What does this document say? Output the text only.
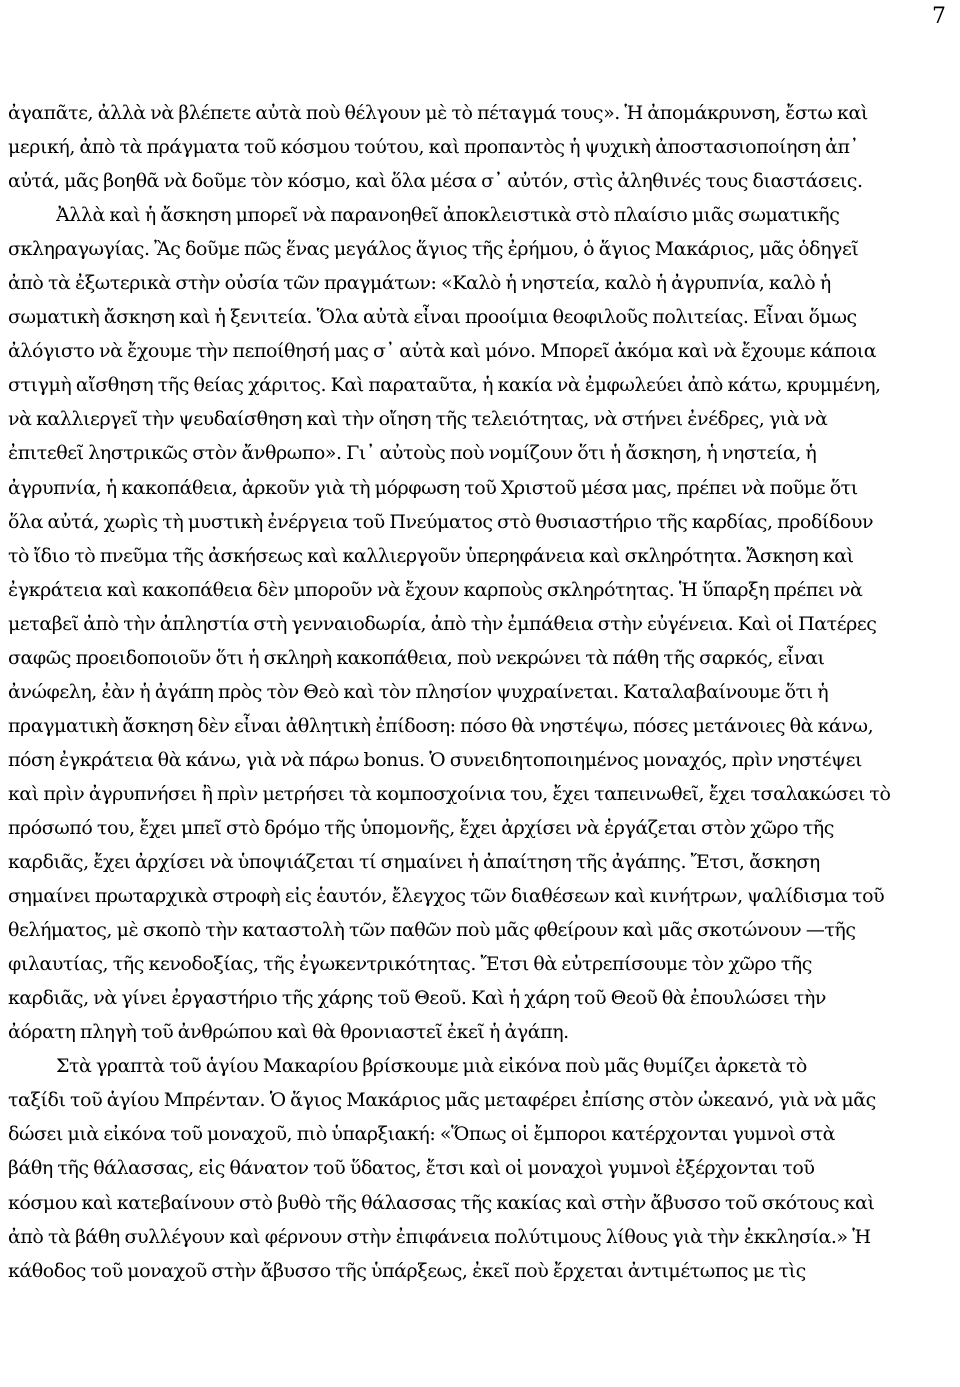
7
ἀγαπᾶτε, ἀλλὰ νὰ βλέπετε αὐτὰ ποὺ θέλγουν μὲ τὸ πέταγμά τους». Ἡ ἀπομάκρυνση, ἔστω καὶ
μερική, ἀπὸ τὰ πράγματα τοῦ κόσμου τούτου, καὶ προπαντὸς ἡ ψυχικὴ ἀποστασιοποίηση ἀπ᾽
αὐτά, μᾶς βοηθᾶ νὰ δοῦμε τὸν κόσμο, καὶ ὅλα μέσα σ᾽ αὐτόν, στὶς ἀληθινές τους διαστάσεις.
Ἀλλὰ καὶ ἡ ἄσκηση μπορεῖ νὰ παρανοηθεῖ ἀποκλειστικὰ στὸ πλαίσιο μιᾶς σωματικῆς
σκληραγωγίας. Ἂς δοῦμε πῶς ἕνας μεγάλος ἅγιος τῆς ἐρήμου, ὁ ἅγιος Μακάριος, μᾶς ὁδηγεῖ
ἀπὸ τὰ ἐξωτερικὰ στὴν οὐσία τῶν πραγμάτων: «Καλὸ ἡ νηστεία, καλὸ ἡ ἀγρυπνία, καλὸ ἡ
σωματικὴ ἄσκηση καὶ ἡ ξενιτεία. Ὅλα αὐτὰ εἶναι προοίμια θεοφιλοῦς πολιτείας. Εἶναι ὅμως
ἀλόγιστο νὰ ἔχουμε τὴν πεποίθησή μας σ᾽ αὐτὰ καὶ μόνο. Μπορεῖ ἀκόμα καὶ νὰ ἔχουμε κάποια
στιγμὴ αἴσθηση τῆς θείας χάριτος. Καὶ παραταῦτα, ἡ κακία νὰ ἐμφωλεύει ἀπὸ κάτω, κρυμμένη,
νὰ καλλιεργεῖ τὴν ψευδαίσθηση καὶ τὴν οἴηση τῆς τελειότητας, νὰ στήνει ἐνέδρες, γιὰ νὰ
ἐπιτεθεῖ ληστρικῶς στὸν ἄνθρωπο». Γι᾽ αὐτοὺς ποὺ νομίζουν ὅτι ἡ ἄσκηση, ἡ νηστεία, ἡ
ἀγρυπνία, ἡ κακοπάθεια, ἀρκοῦν γιὰ τὴ μόρφωση τοῦ Χριστοῦ μέσα μας, πρέπει νὰ ποῦμε ὅτι
ὅλα αὐτά, χωρὶς τὴ μυστικὴ ἐνέργεια τοῦ Πνεύματος στὸ θυσιαστήριο τῆς καρδίας, προδίδουν
τὸ ἴδιο τὸ πνεῦμα τῆς ἀσκήσεως καὶ καλλιεργοῦν ὑπερηφάνεια καὶ σκληρότητα. Ἄσκηση καὶ
ἐγκράτεια καὶ κακοπάθεια δὲν μποροῦν νὰ ἔχουν καρποὺς σκληρότητας. Ἡ ὕπαρξη πρέπει νὰ
μεταβεῖ ἀπὸ τὴν ἀπληστία στὴ γενναιοδωρία, ἀπὸ τὴν ἐμπάθεια στὴν εὐγένεια. Καὶ οἱ Πατέρες
σαφῶς προειδοποιοῦν ὅτι ἡ σκληρὴ κακοπάθεια, ποὺ νεκρώνει τὰ πάθη τῆς σαρκός, εἶναι
ἀνώφελη, ἐὰν ἡ ἀγάπη πρὸς τὸν Θεὸ καὶ τὸν πλησίον ψυχραίνεται. Καταλαβαίνουμε ὅτι ἡ
πραγματικὴ ἄσκηση δὲν εἶναι ἀθλητικὴ ἐπίδοση: πόσο θὰ νηστέψω, πόσες μετάνοιες θὰ κάνω,
πόση ἐγκράτεια θὰ κάνω, γιὰ νὰ πάρω bonus. Ὁ συνειδητοποιημένος μοναχός, πρὶν νηστέψει
καὶ πρὶν ἀγρυπνήσει ἢ πρὶν μετρήσει τὰ κομποσχοίνια του, ἔχει ταπεινωθεῖ, ἔχει τσαλακώσει τὸ
πρόσωπό του, ἔχει μπεῖ στὸ δρόμο τῆς ὑπομονῆς, ἔχει ἀρχίσει νὰ ἐργάζεται στὸν χῶρο τῆς
καρδιᾶς, ἔχει ἀρχίσει νὰ ὑποψιάζεται τί σημαίνει ἡ ἀπαίτηση τῆς ἀγάπης. Ἔτσι, ἄσκηση
σημαίνει πρωταρχικὰ στροφὴ εἰς ἑαυτόν, ἔλεγχος τῶν διαθέσεων καὶ κινήτρων, ψαλίδισμα τοῦ
θελήματος, μὲ σκοπὸ τὴν καταστολὴ τῶν παθῶν ποὺ μᾶς φθείρουν καὶ μᾶς σκοτώνουν —τῆς
φιλαυτίας, τῆς κενοδοξίας, τῆς ἐγωκεντρικότητας. Ἔτσι θὰ εὐτρεπίσουμε τὸν χῶρο τῆς
καρδιᾶς, νὰ γίνει ἐργαστήριο τῆς χάρης τοῦ Θεοῦ. Καὶ ἡ χάρη τοῦ Θεοῦ θὰ ἐπουλώσει τὴν
ἀόρατη πληγὴ τοῦ ἀνθρώπου καὶ θὰ θρονιαστεῖ ἐκεῖ ἡ ἀγάπη.
Στὰ γραπτὰ τοῦ ἁγίου Μακαρίου βρίσκουμε μιὰ εἰκόνα ποὺ μᾶς θυμίζει ἀρκετὰ τὸ
ταξίδι τοῦ ἁγίου Μπρένταν. Ὁ ἅγιος Μακάριος μᾶς μεταφέρει ἐπίσης στὸν ὠκεανό, γιὰ νὰ μᾶς
δώσει μιὰ εἰκόνα τοῦ μοναχοῦ, πιὸ ὑπαρξιακή: «Ὅπως οἱ ἔμποροι κατέρχονται γυμνοὶ στὰ
βάθη τῆς θάλασσας, εἰς θάνατον τοῦ ὕδατος, ἔτσι καὶ οἱ μοναχοὶ γυμνοὶ ἐξέρχονται τοῦ
κόσμου καὶ κατεβαίνουν στὸ βυθὸ τῆς θάλασσας τῆς κακίας καὶ στὴν ἄβυσσο τοῦ σκότους καὶ
ἀπὸ τὰ βάθη συλλέγουν καὶ φέρνουν στὴν ἐπιφάνεια πολύτιμους λίθους γιὰ τὴν ἐκκλησία.» Ἡ
κάθοδος τοῦ μοναχοῦ στὴν ἄβυσσο τῆς ὑπάρξεως, ἐκεῖ ποὺ ἔρχεται ἀντιμέτωπος με τὶς
